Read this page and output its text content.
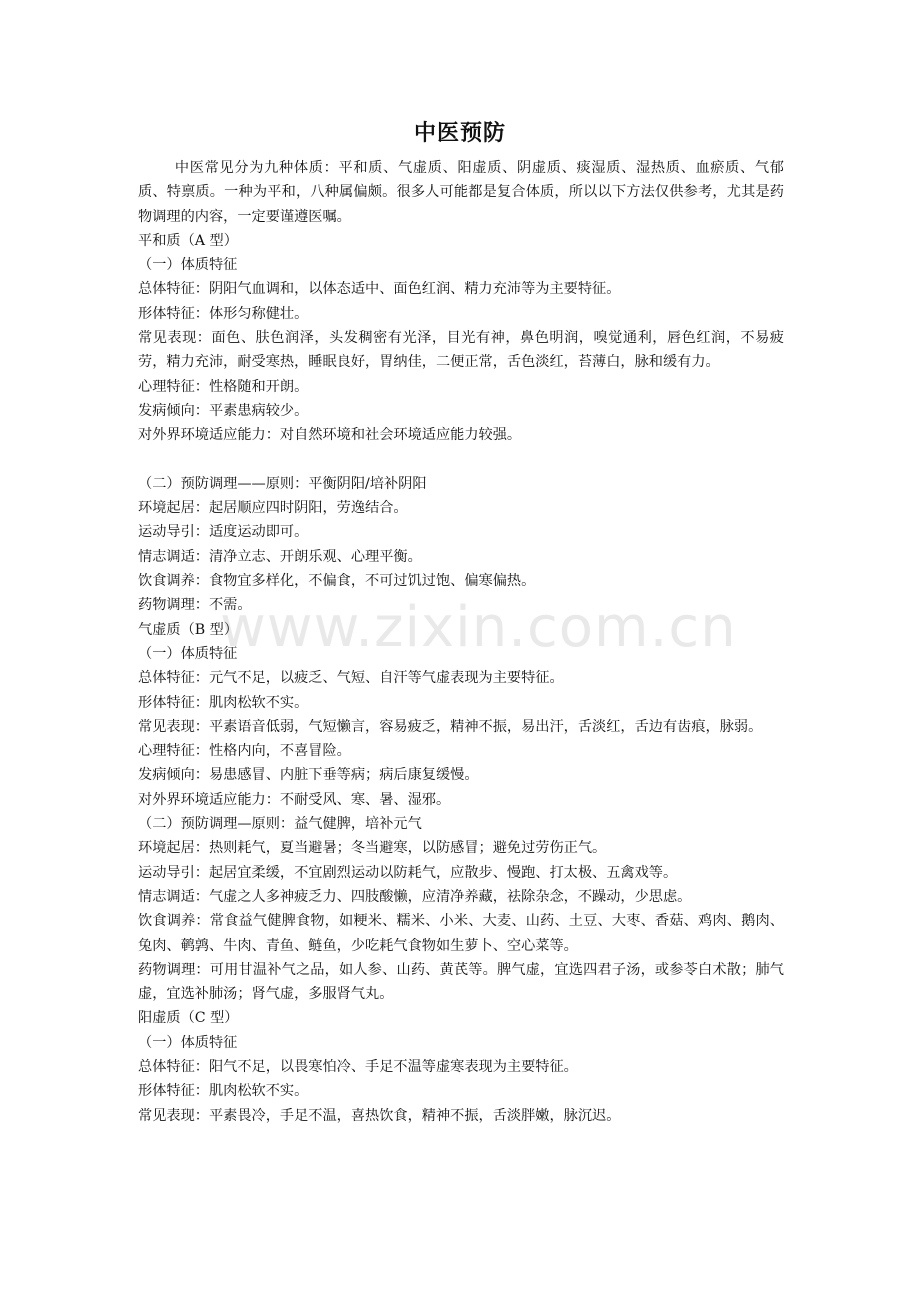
中医预防

中医常见分为九种体质：平和质、气虚质、阳虚质、阴虚质、痰湿质、湿热质、血瘀质、气郁质、特禀质。一种为平和，八种属偏颇。很多人可能都是复合体质，所以以下方法仅供参考，尤其是药物调理的内容，一定要谨遵医嘱。

平和质（A 型）

（一）体质特征

总体特征：阴阳气血调和，以体态适中、面色红润、精力充沛等为主要特征。

形体特征：体形匀称健壮。

常见表现：面色、肤色润泽，头发稠密有光泽，目光有神，鼻色明润，嗅觉通利，唇色红润，不易疲劳，精力充沛，耐受寒热，睡眠良好，胃纳佳，二便正常，舌色淡红，苔薄白，脉和缓有力。

心理特征：性格随和开朗。

发病倾向：平素患病较少。

对外界环境适应能力：对自然环境和社会环境适应能力较强。

（二）预防调理——原则：平衡阴阳/培补阴阳

环境起居：起居顺应四时阴阳，劳逸结合。

运动导引：适度运动即可。

情志调适：清净立志、开朗乐观、心理平衡。

饮食调养：食物宜多样化，不偏食，不可过饥过饱、偏寒偏热。

药物调理：不需。

气虚质（B 型）

（一）体质特征

总体特征：元气不足，以疲乏、气短、自汗等气虚表现为主要特征。

形体特征：肌肉松软不实。

常见表现：平素语音低弱，气短懒言，容易疲乏，精神不振，易出汗，舌淡红，舌边有齿痕，脉弱。

心理特征：性格内向，不喜冒险。

发病倾向：易患感冒、内脏下垂等病；病后康复缓慢。

对外界环境适应能力：不耐受风、寒、暑、湿邪。

（二）预防调理—原则：益气健脾，培补元气

环境起居：热则耗气，夏当避暑；冬当避寒，以防感冒；避免过劳伤正气。

运动导引：起居宜柔缓，不宜剧烈运动以防耗气，应散步、慢跑、打太极、五禽戏等。

情志调适：气虚之人多神疲乏力、四肢酸懒，应清净养藏，祛除杂念，不躁动，少思虑。

饮食调养：常食益气健脾食物，如粳米、糯米、小米、大麦、山药、土豆、大枣、香菇、鸡肉、鹅肉、兔肉、鹌鹑、牛肉、青鱼、鲢鱼，少吃耗气食物如生萝卜、空心菜等。

药物调理：可用甘温补气之品，如人参、山药、黄芪等。脾气虚，宜选四君子汤，或参苓白术散；肺气虚，宜选补肺汤；肾气虚，多服肾气丸。

阳虚质（C 型）

（一）体质特征

总体特征：阳气不足，以畏寒怕冷、手足不温等虚寒表现为主要特征。

形体特征：肌肉松软不实。

常见表现：平素畏冷，手足不温，喜热饮食，精神不振，舌淡胖嫩，脉沉迟。

www.zixin.com.cn
